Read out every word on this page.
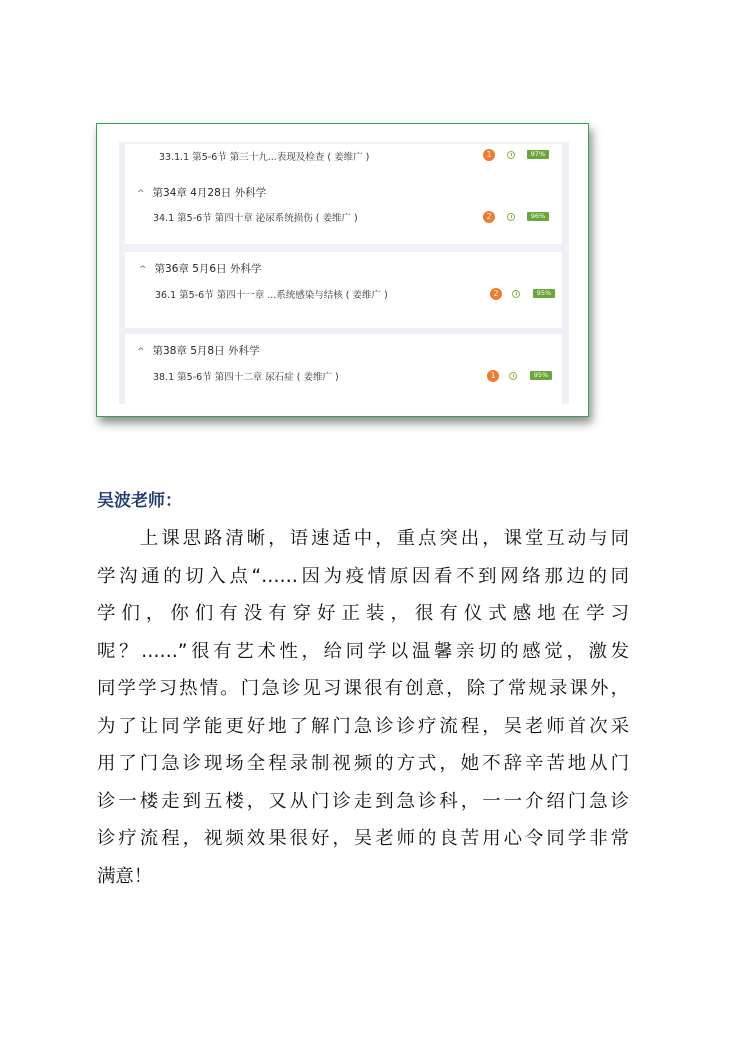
33.1.1 第5-6节 第三十九...表现及检查 ( 姜维广 )	1	97%
^ 第34章 4月28日 外科学
34.1 第5-6节 第四十章 泌尿系统损伤 ( 姜维广 )	2	96%
^ 第36章 5月6日 外科学
36.1 第5-6节 第四十一章 ...系统感染与结核 ( 姜维广 )	2	95%
^ 第38章 5月8日 外科学
38.1 第5-6节 第四十二章 尿石症 ( 姜维广 )	1	95%
吴波老师：
　　上课思路清晰，语速适中，重点突出，课堂互动与同
学沟通的切入点“……因为疫情原因看不到网络那边的同
学们，你们有没有穿好正装，很有仪式感地在学习
呢？……”很有艺术性，给同学以温馨亲切的感觉，激发
同学学习热情。门急诊见习课很有创意，除了常规录课外，
为了让同学能更好地了解门急诊诊疗流程，吴老师首次采
用了门急诊现场全程录制视频的方式，她不辞辛苦地从门
诊一楼走到五楼，又从门诊走到急诊科，一一介绍门急诊
诊疗流程，视频效果很好，吴老师的良苦用心令同学非常
满意！
